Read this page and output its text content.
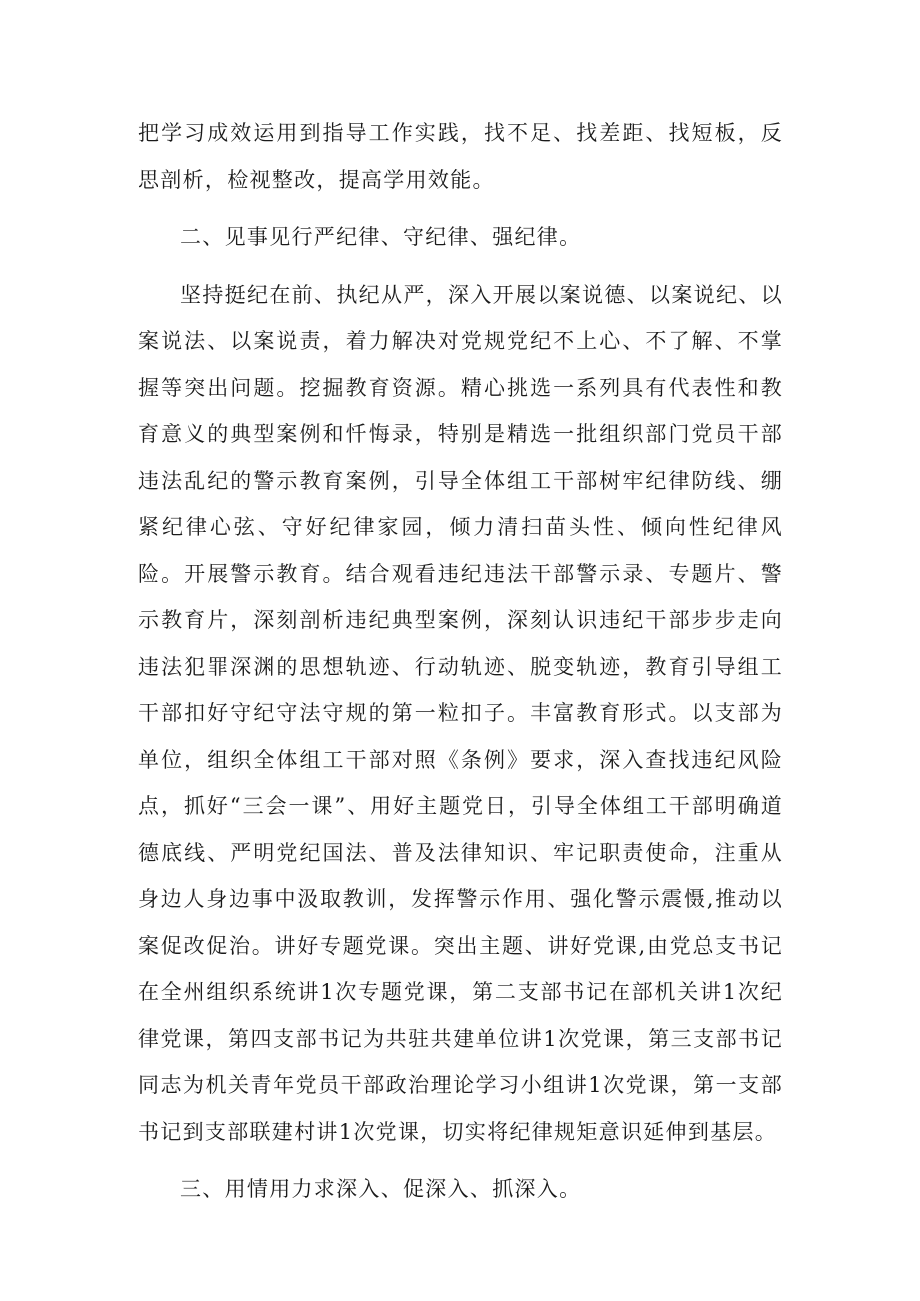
把学习成效运用到指导工作实践，找不足、找差距、找短板，反思剖析，检视整改，提高学用效能。

二、见事见行严纪律、守纪律、强纪律。

坚持挺纪在前、执纪从严，深入开展以案说德、以案说纪、以案说法、以案说责，着力解决对党规党纪不上心、不了解、不掌握等突出问题。挖掘教育资源。精心挑选一系列具有代表性和教育意义的典型案例和忏悔录，特别是精选一批组织部门党员干部违法乱纪的警示教育案例，引导全体组工干部树牢纪律防线、绷紧纪律心弦、守好纪律家园，倾力清扫苗头性、倾向性纪律风险。开展警示教育。结合观看违纪违法干部警示录、专题片、警示教育片，深刻剖析违纪典型案例，深刻认识违纪干部步步走向违法犯罪深渊的思想轨迹、行动轨迹、脱变轨迹，教育引导组工干部扣好守纪守法守规的第一粒扣子。丰富教育形式。以支部为单位，组织全体组工干部对照《条例》要求，深入查找违纪风险点，抓好“三会一课”、用好主题党日，引导全体组工干部明确道德底线、严明党纪国法、普及法律知识、牢记职责使命，注重从身边人身边事中汲取教训，发挥警示作用、强化警示震慑,推动以案促改促治。讲好专题党课。突出主题、讲好党课,由党总支书记在全州组织系统讲1次专题党课，第二支部书记在部机关讲1次纪律党课，第四支部书记为共驻共建单位讲1次党课，第三支部书记同志为机关青年党员干部政治理论学习小组讲1次党课，第一支部书记到支部联建村讲1次党课，切实将纪律规矩意识延伸到基层。

三、用情用力求深入、促深入、抓深入。
